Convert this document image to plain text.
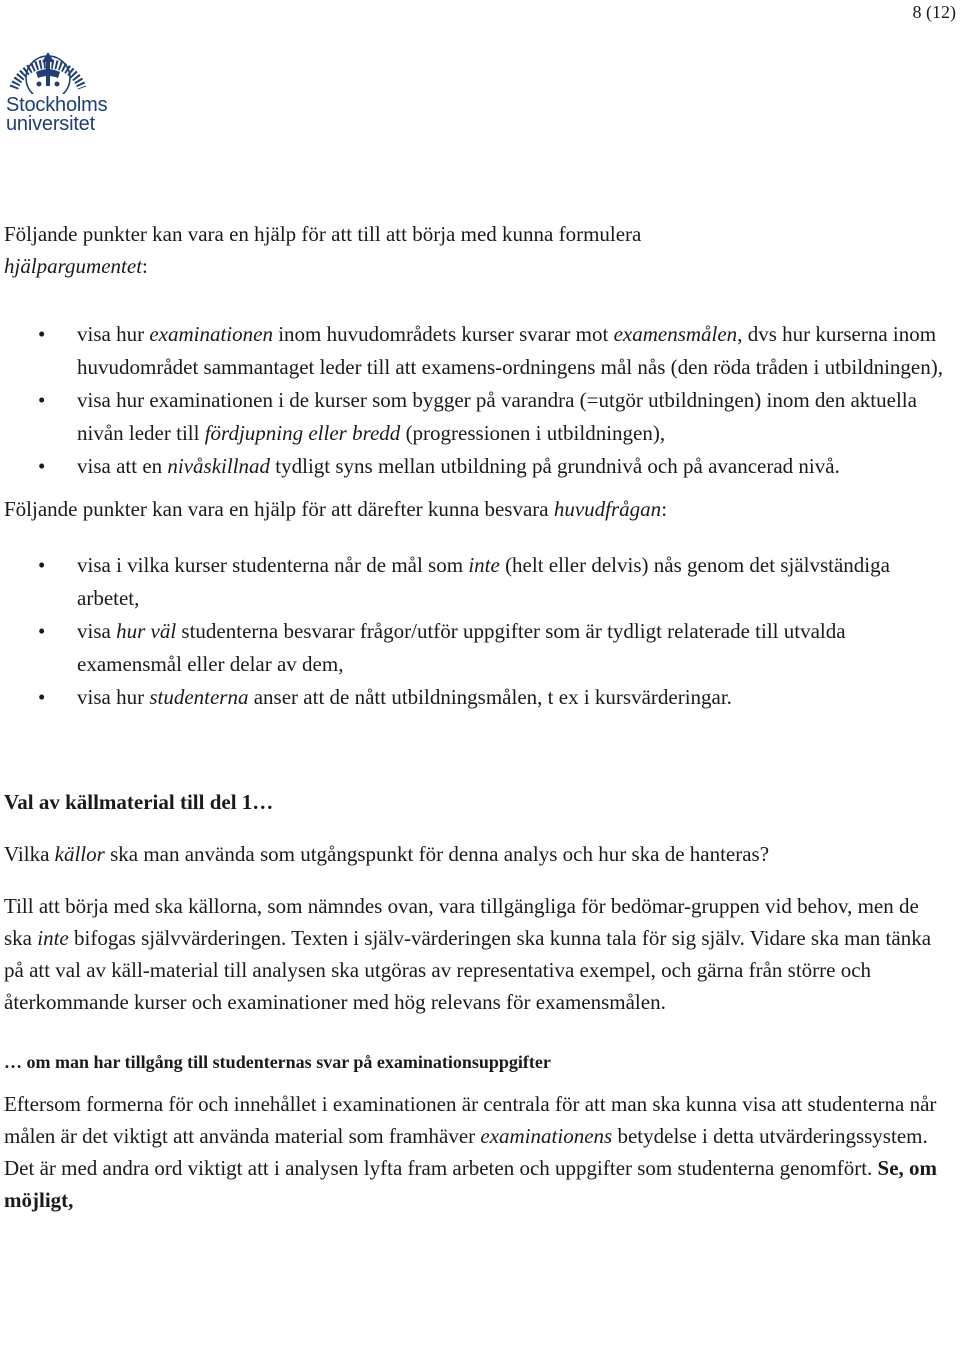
8 (12)
Stockholms
universitet

Följande punkter kan vara en hjälp för att till att börja med kunna formulera
hjälpargumentet:

• visa hur examinationen inom huvudområdets kurser svarar mot examensmålen, dvs hur kurserna inom huvudområdet sammantaget leder till att examens-ordningens mål nås (den röda tråden i utbildningen),
• visa hur examinationen i de kurser som bygger på varandra (=utgör utbildningen) inom den aktuella nivån leder till fördjupning eller bredd (progressionen i utbildningen),
• visa att en nivåskillnad tydligt syns mellan utbildning på grundnivå och på avancerad nivå.

Följande punkter kan vara en hjälp för att därefter kunna besvara huvudfrågan:

• visa i vilka kurser studenterna når de mål som inte (helt eller delvis) nås genom det självständiga arbetet,
• visa hur väl studenterna besvarar frågor/utför uppgifter som är tydligt relaterade till utvalda examensmål eller delar av dem,
• visa hur studenterna anser att de nått utbildningsmålen, t ex i kursvärderingar.

Val av källmaterial till del 1…

Vilka källor ska man använda som utgångspunkt för denna analys och hur ska de hanteras?

Till att börja med ska källorna, som nämndes ovan, vara tillgängliga för bedömar-gruppen vid behov, men de ska inte bifogas självvärderingen. Texten i själv-värderingen ska kunna tala för sig själv. Vidare ska man tänka på att val av käll-material till analysen ska utgöras av representativa exempel, och gärna från större och återkommande kurser och examinationer med hög relevans för examensmålen.

… om man har tillgång till studenternas svar på examinationsuppgifter

Eftersom formerna för och innehållet i examinationen är centrala för att man ska kunna visa att studenterna når målen är det viktigt att använda material som framhäver examinationens betydelse i detta utvärderingssystem. Det är med andra ord viktigt att i analysen lyfta fram arbeten och uppgifter som studenterna genomfört. Se, om möjligt,
